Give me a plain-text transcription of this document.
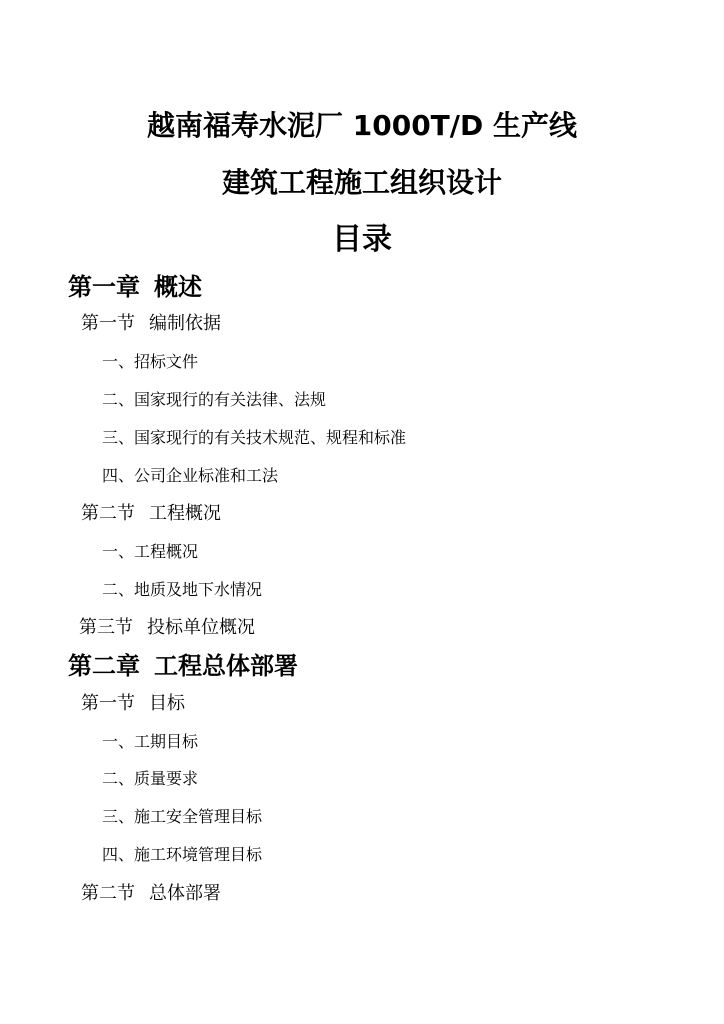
越南福寿水泥厂 1000T/D 生产线
建筑工程施工组织设计
目录
第一章 概述
第一节 编制依据
一、招标文件
二、国家现行的有关法律、法规
三、国家现行的有关技术规范、规程和标准
四、公司企业标准和工法
第二节 工程概况
一、工程概况
二、地质及地下水情况
第三节 投标单位概况
第二章 工程总体部署
第一节 目标
一、工期目标
二、质量要求
三、施工安全管理目标
四、施工环境管理目标
第二节 总体部署
